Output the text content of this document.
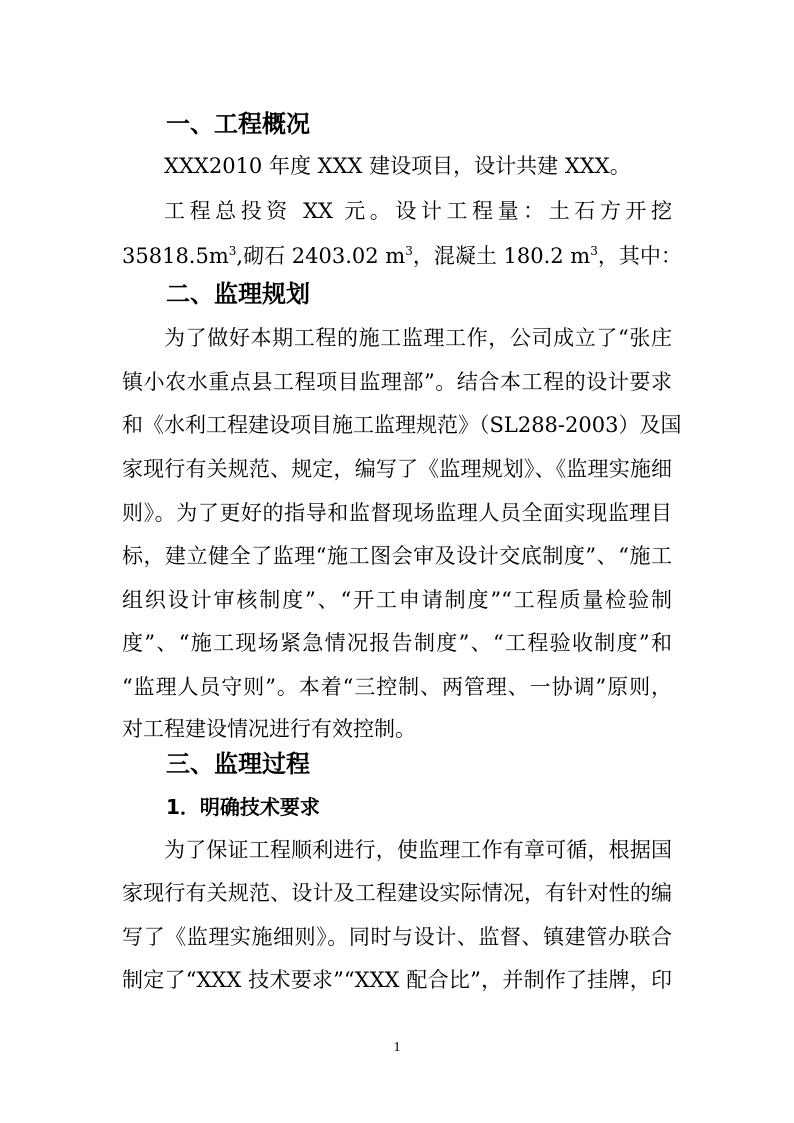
一、工程概况
XXX2010 年度 XXX 建设项目，设计共建 XXX。
工程总投资 XX 元。设计工程量：土石方开挖
$35818.5m^3$,砌石 2403.02 $m^3$，混凝土 180.2 $m^3$，其中：
二、监理规划
为了做好本期工程的施工监理工作，公司成立了“张庄
镇小农水重点县工程项目监理部”。结合本工程的设计要求
和《水利工程建设项目施工监理规范》（SL288-2003）及国
家现行有关规范、规定，编写了《监理规划》、《监理实施细
则》。为了更好的指导和监督现场监理人员全面实现监理目
标，建立健全了监理“施工图会审及设计交底制度”、“施工
组织设计审核制度”、“开工申请制度”“工程质量检验制
度”、“施工现场紧急情况报告制度”、“工程验收制度”和
“监理人员守则”。本着“三控制、两管理、一协调”原则，
对工程建设情况进行有效控制。
三、监理过程
1．明确技术要求
为了保证工程顺利进行，使监理工作有章可循，根据国
家现行有关规范、设计及工程建设实际情况，有针对性的编
写了《监理实施细则》。同时与设计、监督、镇建管办联合
制定了“XXX 技术要求”“XXX 配合比”，并制作了挂牌，印
1
